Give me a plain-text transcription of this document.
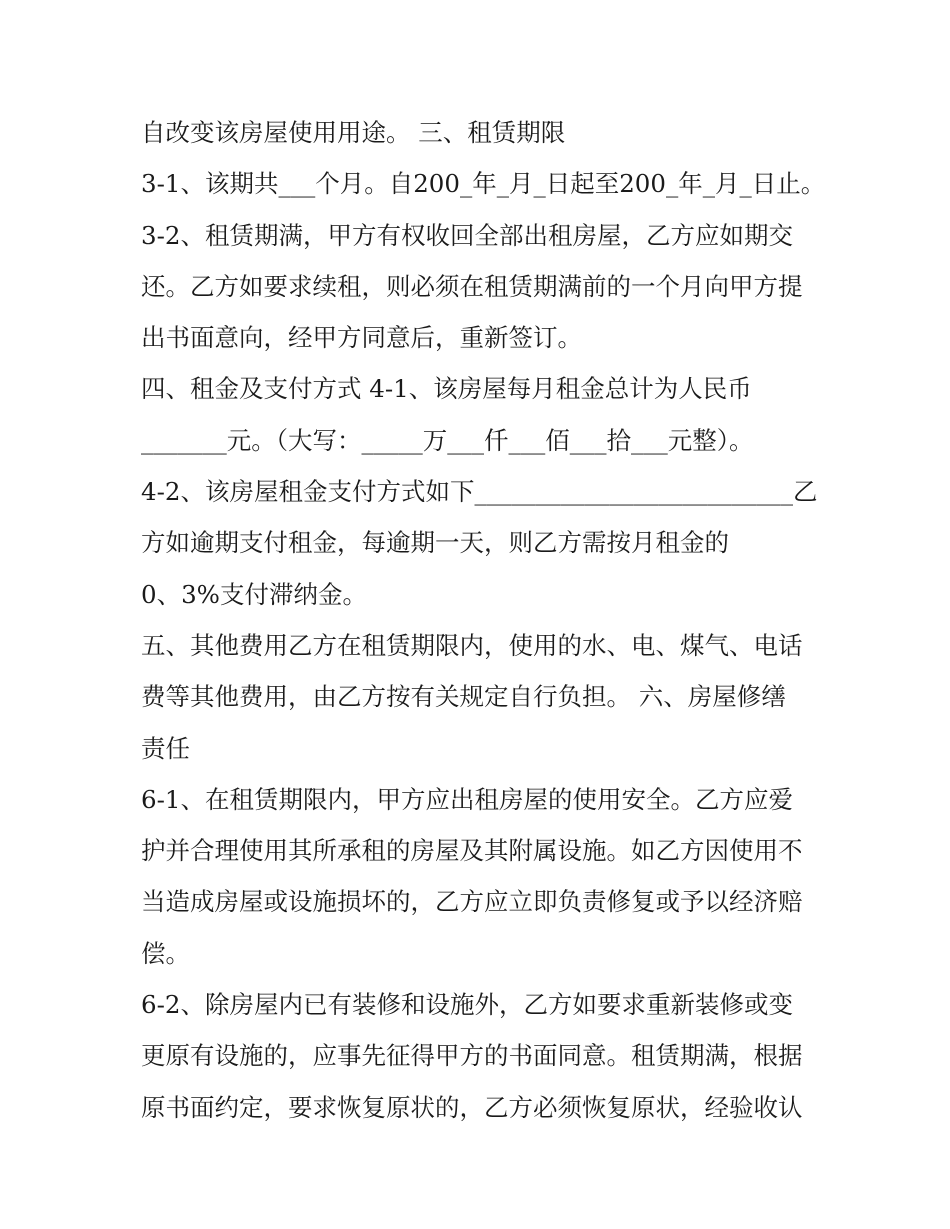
自改变该房屋使用用途。 三、租赁期限

3-1、该期共___个月。自200_年_月_日起至200_年_月_日止。

3-2、租赁期满，甲方有权收回全部出租房屋，乙方应如期交

还。乙方如要求续租，则必须在租赁期满前的一个月向甲方提

出书面意向，经甲方同意后，重新签订。

四、租金及支付方式 4-1、该房屋每月租金总计为人民币

_______元。（大写：_____万___仟___佰___拾___元整）。

4-2、该房屋租金支付方式如下__________________________乙

方如逾期支付租金，每逾期一天，则乙方需按月租金的

0、3%支付滞纳金。

五、其他费用乙方在租赁期限内，使用的水、电、煤气、电话

费等其他费用，由乙方按有关规定自行负担。 六、房屋修缮

责任

6-1、在租赁期限内，甲方应出租房屋的使用安全。乙方应爱

护并合理使用其所承租的房屋及其附属设施。如乙方因使用不

当造成房屋或设施损坏的，乙方应立即负责修复或予以经济赔

偿。

6-2、除房屋内已有装修和设施外，乙方如要求重新装修或变

更原有设施的，应事先征得甲方的书面同意。租赁期满，根据

原书面约定，要求恢复原状的，乙方必须恢复原状，经验收认
